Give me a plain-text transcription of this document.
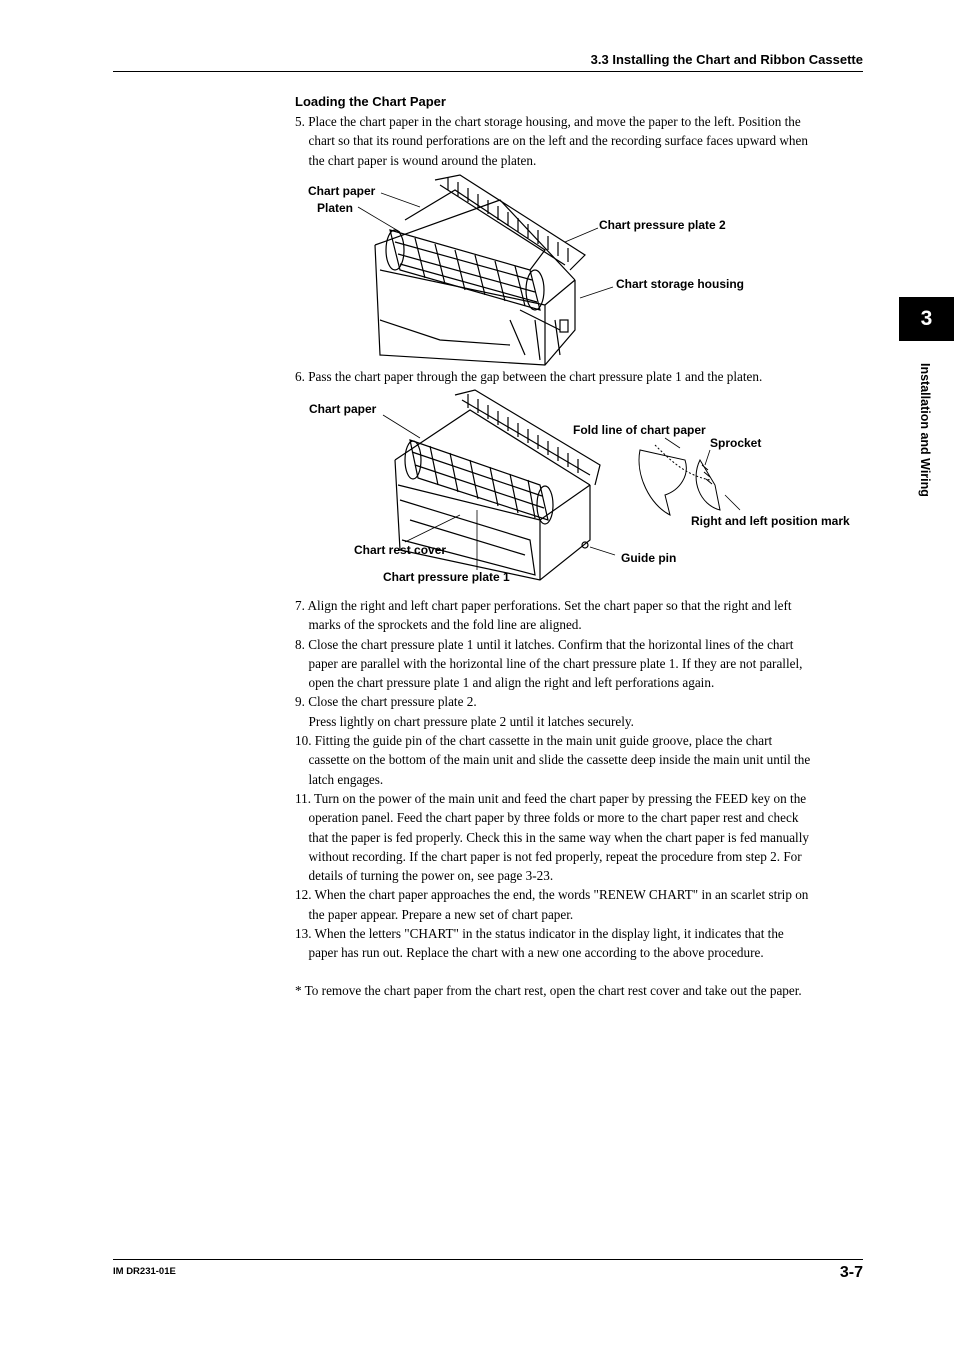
3.3 Installing the Chart and Ribbon Cassette
3
Installation and Wiring
Loading the Chart Paper
5. Place the chart paper in the chart storage housing, and move the paper to the left. Position the
chart so that its round perforations are on the left and the recording surface faces upward when
the chart paper is wound around the platen.
Chart paper
Platen
Chart pressure plate 2
Chart storage housing
6. Pass the chart paper through the gap between the chart pressure plate 1 and the platen.
Chart paper
Fold line of chart paper
Sprocket
Right and left position mark
Chart rest cover
Guide pin
Chart pressure plate 1
7. Align the right and left chart paper perforations. Set the chart paper so that the right and left
marks of the sprockets and the fold line are aligned.
8. Close the chart pressure plate 1 until it latches. Confirm that the horizontal lines of the chart
paper are parallel with the horizontal line of the chart pressure plate 1. If they are not parallel,
open the chart pressure plate 1 and align the right and left perforations again.
9. Close the chart pressure plate 2.
Press lightly on chart pressure plate 2 until it latches securely.
10. Fitting the guide pin of the chart cassette in the main unit guide groove, place the chart
cassette on the bottom of the main unit and slide the cassette deep inside the main unit until the
latch engages.
11. Turn on the power of the main unit and feed the chart paper by pressing the FEED key on the
operation panel. Feed the chart paper by three folds or more to the chart paper rest and check
that the paper is fed properly. Check this in the same way when the chart paper is fed manually
without recording. If the chart paper is not fed properly, repeat the procedure from step 2. For
details of turning the power on, see page 3-23.
12. When the chart paper approaches the end, the words "RENEW CHART" in an scarlet strip on
the paper appear. Prepare a new set of chart paper.
13. When the letters "CHART" in the status indicator in the display light, it indicates that the
paper has run out. Replace the chart with a new one according to the above procedure.
* To remove the chart paper from the chart rest, open the chart rest cover and take out the paper.
IM DR231-01E	3-7
